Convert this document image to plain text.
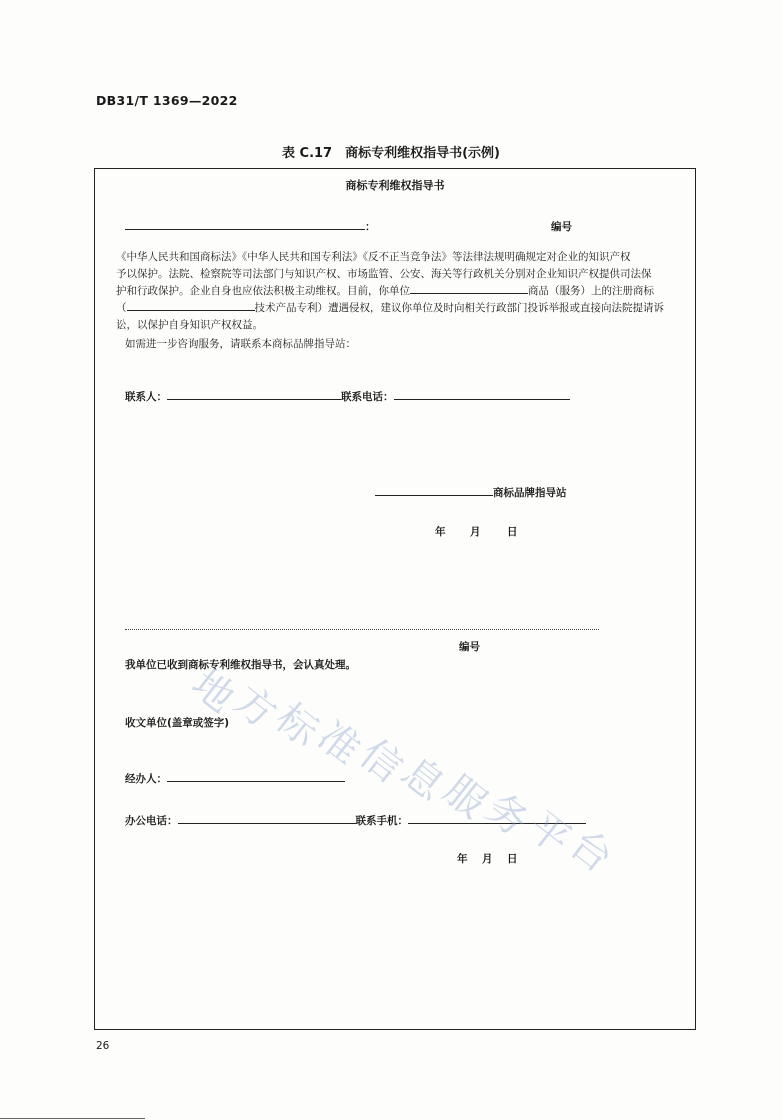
DB31/T 1369—2022
表 C.17　商标专利维权指导书(示例)
商标专利维权指导书
：	编号
《中华人民共和国商标法》《中华人民共和国专利法》《反不正当竞争法》等法律法规明确规定对企业的知识产权
予以保护。法院、检察院等司法部门与知识产权、市场监管、公安、海关等行政机关分别对企业知识产权提供司法保
护和行政保护。企业自身也应依法积极主动维权。目前，你单位	商品（服务）上的注册商标
（	技术产品专利）遭遇侵权，建议你单位及时向相关行政部门投诉举报或直接向法院提请诉
讼，以保护自身知识产权权益。
如需进一步咨询服务，请联系本商标品牌指导站：
联系人：	联系电话：
商标品牌指导站
年 月	日
编号
我单位已收到商标专利维权指导书，会认真处理。
收文单位(盖章或签字)
经办人：
办公电话：	联系手机：
年 月 日
地
方
标
准
信
息
服
务
平
台
26
